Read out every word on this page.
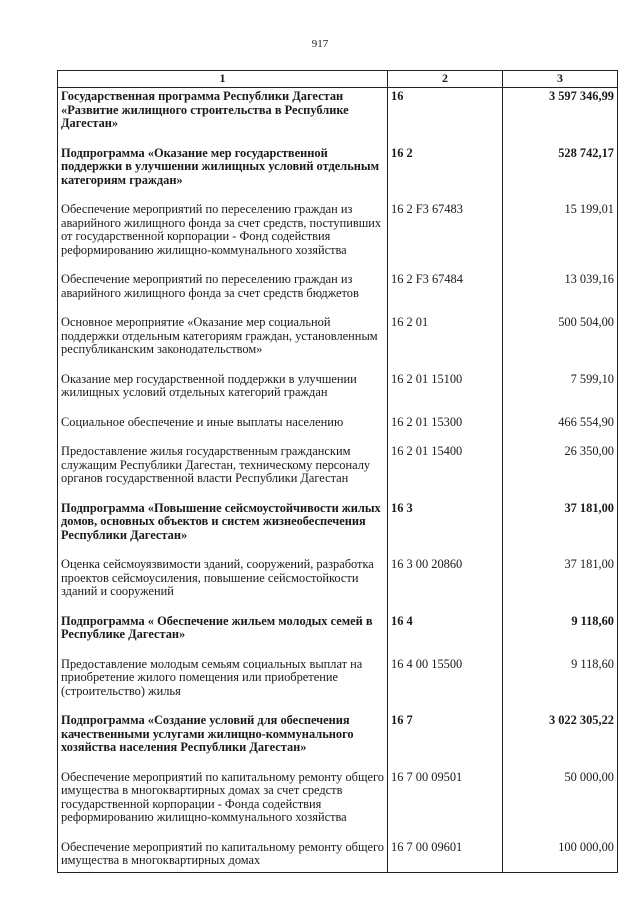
917
1	2	3
Государственная программа Республики Дагестан «Развитие жилищного строительства в Республике Дагестан»	16	3 597 346,99
Подпрограмма «Оказание мер государственной поддержки в улучшении жилищных условий отдельным категориям граждан»	16 2	528 742,17
Обеспечение мероприятий по переселению граждан из аварийного жилищного фонда за счет средств, поступивших от государственной корпорации - Фонд содействия реформированию жилищно-коммунального хозяйства	16 2 F3 67483	15 199,01
Обеспечение мероприятий по переселению граждан из аварийного жилищного фонда за счет средств бюджетов	16 2 F3 67484	13 039,16
Основное мероприятие «Оказание мер социальной поддержки отдельным категориям граждан, установленным республиканским законодательством»	16 2 01	500 504,00
Оказание мер государственной поддержки в улучшении жилищных условий отдельных категорий граждан	16 2 01 15100	7 599,10
Социальное обеспечение и иные выплаты населению	16 2 01 15300	466 554,90
Предоставление жилья государственным гражданским служащим Республики Дагестан, техническому персоналу органов государственной власти Республики Дагестан	16 2 01 15400	26 350,00
Подпрограмма «Повышение сейсмоустойчивости жилых домов, основных объектов и систем жизнеобеспечения Республики Дагестан»	16 3	37 181,00
Оценка сейсмоуязвимости зданий, сооружений, разработка проектов сейсмоусиления, повышение сейсмостойкости зданий и сооружений	16 3 00 20860	37 181,00
Подпрограмма « Обеспечение жильем молодых семей в Республике Дагестан»	16 4	9 118,60
Предоставление молодым семьям социальных выплат на приобретение жилого помещения или приобретение (строительство) жилья	16 4 00 15500	9 118,60
Подпрограмма «Создание условий для обеспечения качественными услугами жилищно-коммунального хозяйства населения Республики Дагестан»	16 7	3 022 305,22
Обеспечение мероприятий по капитальному ремонту общего имущества в многоквартирных домах за счет средств государственной корпорации - Фонда содействия реформированию жилищно-коммунального хозяйства	16 7 00 09501	50 000,00
Обеспечение мероприятий по капитальному ремонту общего имущества в многоквартирных домах	16 7 00 09601	100 000,00
